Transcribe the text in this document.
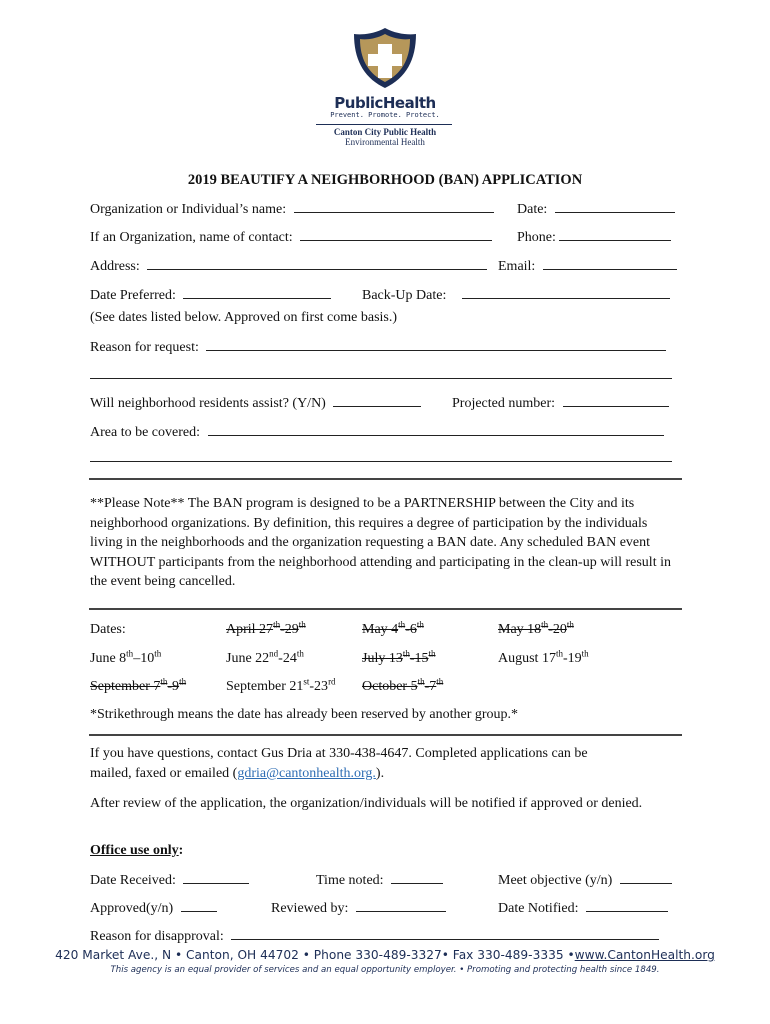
PublicHealth
Prevent. Promote. Protect.
Canton City Public Health
Environmental Health
2019 BEAUTIFY A NEIGHBORHOOD (BAN) APPLICATION
Organization or Individual’s name:	Date:
If an Organization, name of contact:	Phone:
Address:	Email:
Date Preferred:	Back-Up Date:
(See dates listed below. Approved on first come basis.)
Reason for request:
Will neighborhood residents assist? (Y/N)	Projected number:
Area to be covered:
**Please Note** The BAN program is designed to be a PARTNERSHIP between the City and its neighborhood organizations. By definition, this requires a degree of participation by the individuals living in the neighborhoods and the organization requesting a BAN date. Any scheduled BAN event WITHOUT participants from the neighborhood attending and participating in the clean-up will result in the event being cancelled.
Dates:	April 27th-29th	May 4th-6th	May 18th-20th
June 8th–10th	June 22nd-24th	July 13th-15th	August 17th-19th
September 7th-9th	September 21st-23rd October 5th-7th
*Strikethrough means the date has already been reserved by another group.*
If you have questions, contact Gus Dria at 330-438-4647. Completed applications can be
mailed, faxed or emailed (gdria@cantonhealth.org.).
After review of the application, the organization/individuals will be notified if approved or denied.
Office use only:
Date Received:	Time noted:	Meet objective (y/n)
Approved(y/n)	Reviewed by:	Date Notified:
Reason for disapproval:
420 Market Ave., N • Canton, OH 44702 • Phone 330-489-3327• Fax 330-489-3335 •www.CantonHealth.org
This agency is an equal provider of services and an equal opportunity employer. • Promoting and protecting health since 1849.
